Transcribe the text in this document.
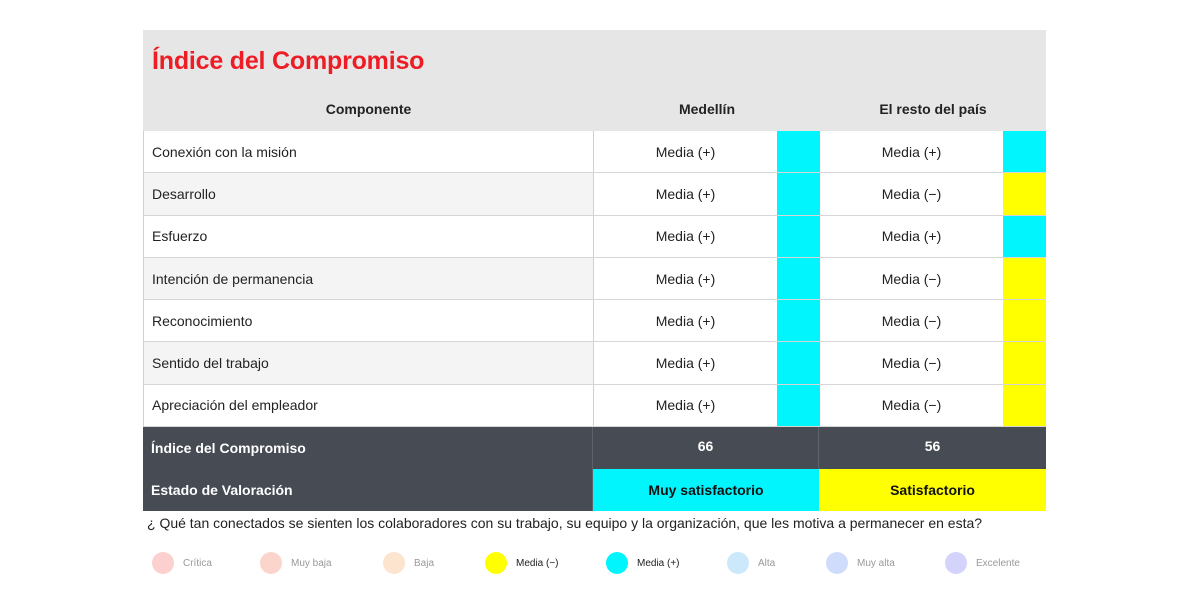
Índice del Compromiso
Componente	Medellín	El resto del país
Conexión con la misión	Media (+)	Media (+)
Desarrollo	Media (+)	Media (−)
Esfuerzo	Media (+)	Media (+)
Intención de permanencia	Media (+)	Media (−)
Reconocimiento	Media (+)	Media (−)
Sentido del trabajo	Media (+)	Media (−)
Apreciación del empleador	Media (+)	Media (−)
Índice del Compromiso	66	56
Estado de Valoración	Muy satisfactorio	Satisfactorio
¿ Qué tan conectados se sienten los colaboradores con su trabajo, su equipo y la organización, que les motiva a permanecer en esta?
Crítica	Muy baja	Baja	Media (−)	Media (+)	Alta	Muy alta	Excelente
